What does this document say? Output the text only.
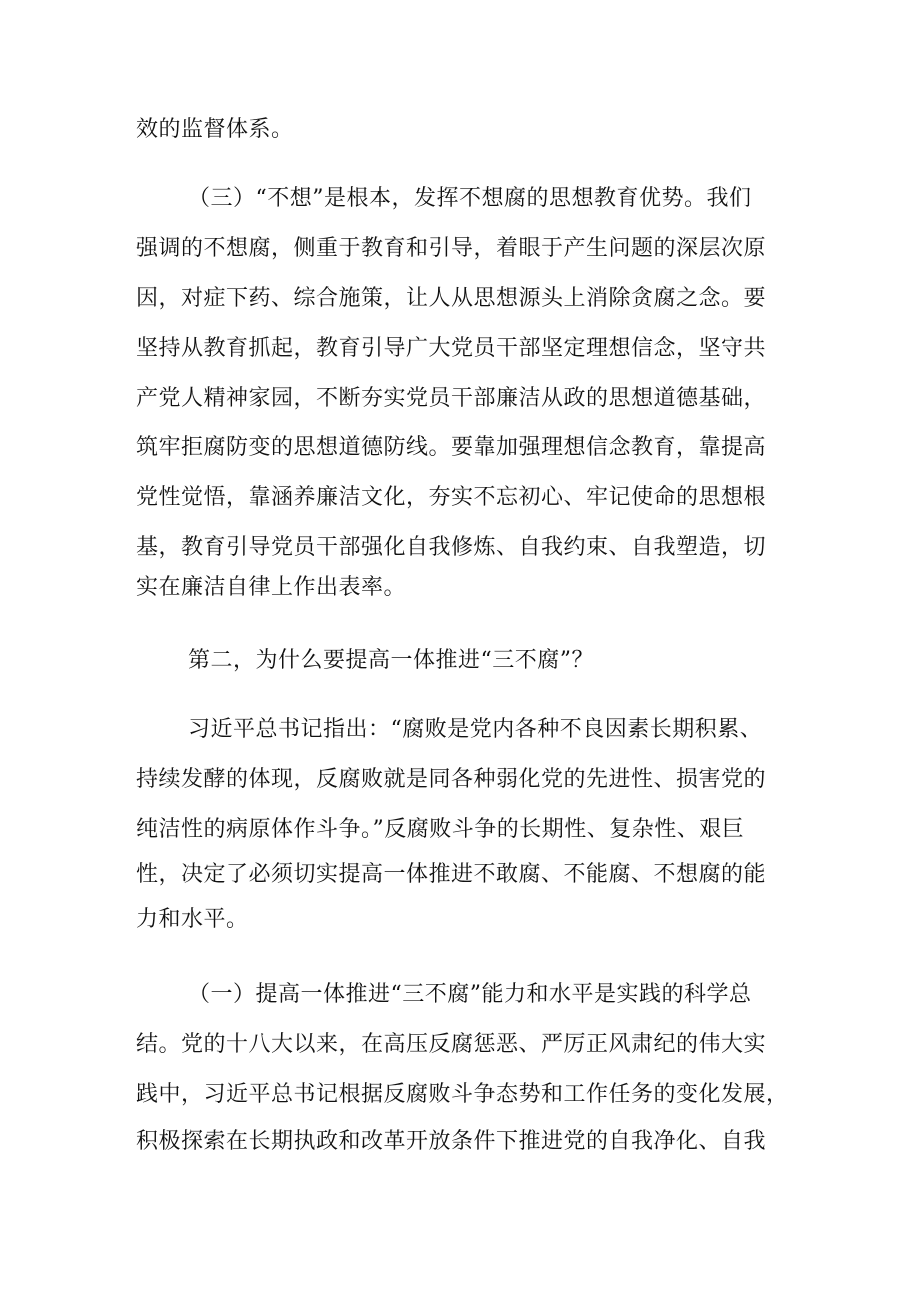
效的监督体系。
（三）“不想”是根本，发挥不想腐的思想教育优势。我们
强调的不想腐，侧重于教育和引导，着眼于产生问题的深层次原
因，对症下药、综合施策，让人从思想源头上消除贪腐之念。要
坚持从教育抓起，教育引导广大党员干部坚定理想信念，坚守共
产党人精神家园，不断夯实党员干部廉洁从政的思想道德基础，
筑牢拒腐防变的思想道德防线。要靠加强理想信念教育，靠提高
党性觉悟，靠涵养廉洁文化，夯实不忘初心、牢记使命的思想根
基，教育引导党员干部强化自我修炼、自我约束、自我塑造，切
实在廉洁自律上作出表率。
第二，为什么要提高一体推进“三不腐”？
习近平总书记指出：“腐败是党内各种不良因素长期积累、
持续发酵的体现，反腐败就是同各种弱化党的先进性、损害党的
纯洁性的病原体作斗争。”反腐败斗争的长期性、复杂性、艰巨
性，决定了必须切实提高一体推进不敢腐、不能腐、不想腐的能
力和水平。
（一）提高一体推进“三不腐”能力和水平是实践的科学总
结。党的十八大以来，在高压反腐惩恶、严厉正风肃纪的伟大实
践中，习近平总书记根据反腐败斗争态势和工作任务的变化发展，
积极探索在长期执政和改革开放条件下推进党的自我净化、自我
